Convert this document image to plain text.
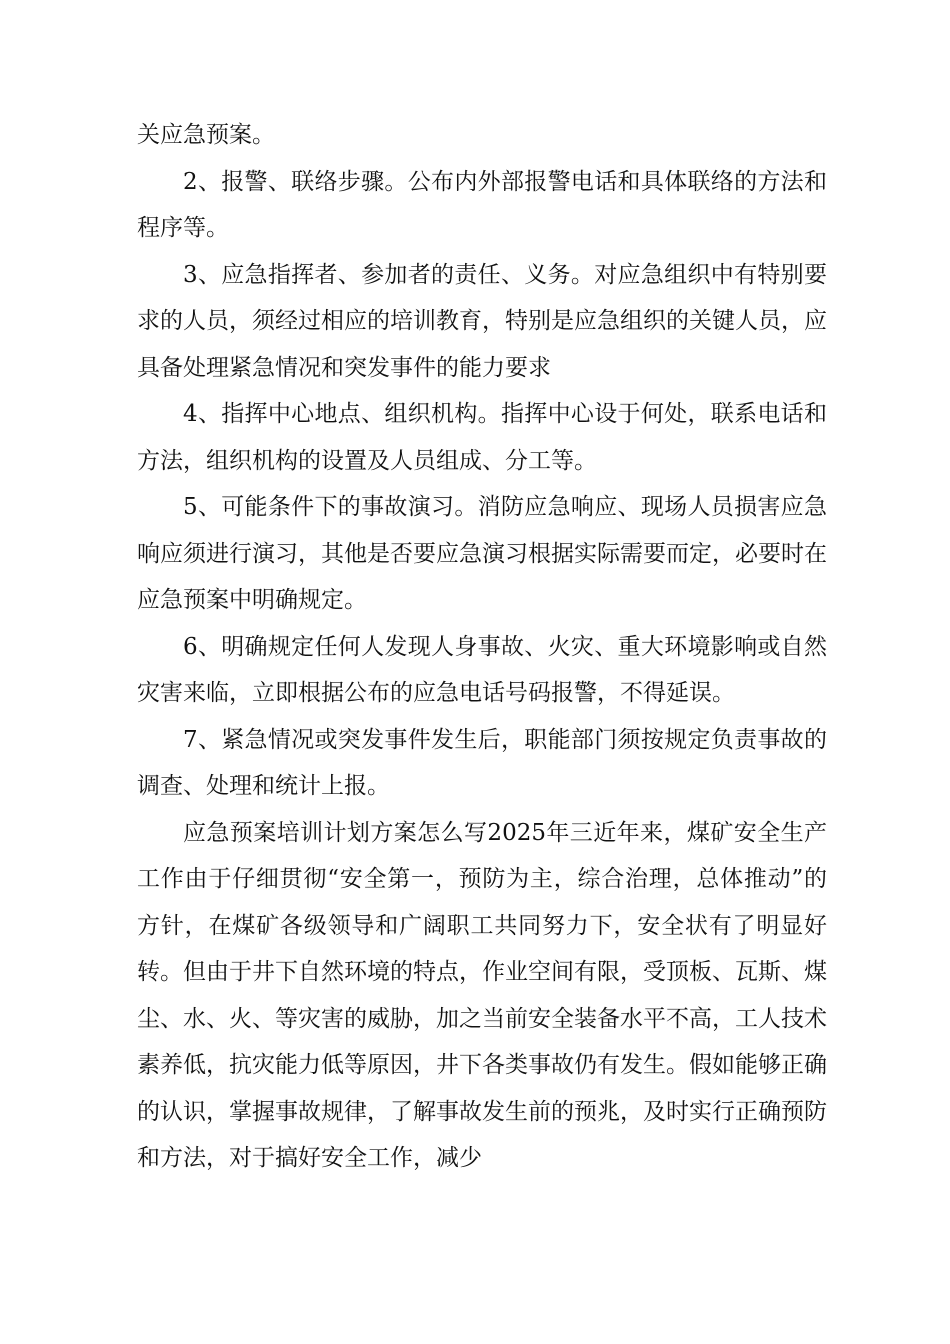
关应急预案。

2、报警、联络步骤。公布内外部报警电话和具体联络的方法和程序等。

3、应急指挥者、参加者的责任、义务。对应急组织中有特别要求的人员，须经过相应的培训教育，特别是应急组织的关键人员，应具备处理紧急情况和突发事件的能力要求

4、指挥中心地点、组织机构。指挥中心设于何处，联系电话和方法，组织机构的设置及人员组成、分工等。

5、可能条件下的事故演习。消防应急响应、现场人员损害应急响应须进行演习，其他是否要应急演习根据实际需要而定，必要时在应急预案中明确规定。

6、明确规定任何人发现人身事故、火灾、重大环境影响或自然灾害来临，立即根据公布的应急电话号码报警，不得延误。

7、紧急情况或突发事件发生后，职能部门须按规定负责事故的调查、处理和统计上报。

应急预案培训计划方案怎么写2025年三近年来，煤矿安全生产工作由于仔细贯彻“安全第一，预防为主，综合治理，总体推动”的方针，在煤矿各级领导和广阔职工共同努力下，安全状有了明显好转。但由于井下自然环境的特点，作业空间有限，受顶板、瓦斯、煤尘、水、火、等灾害的威胁，加之当前安全装备水平不高，工人技术素养低，抗灾能力低等原因，井下各类事故仍有发生。假如能够正确的认识，掌握事故规律，了解事故发生前的预兆，及时实行正确预防和方法，对于搞好安全工作，减少
